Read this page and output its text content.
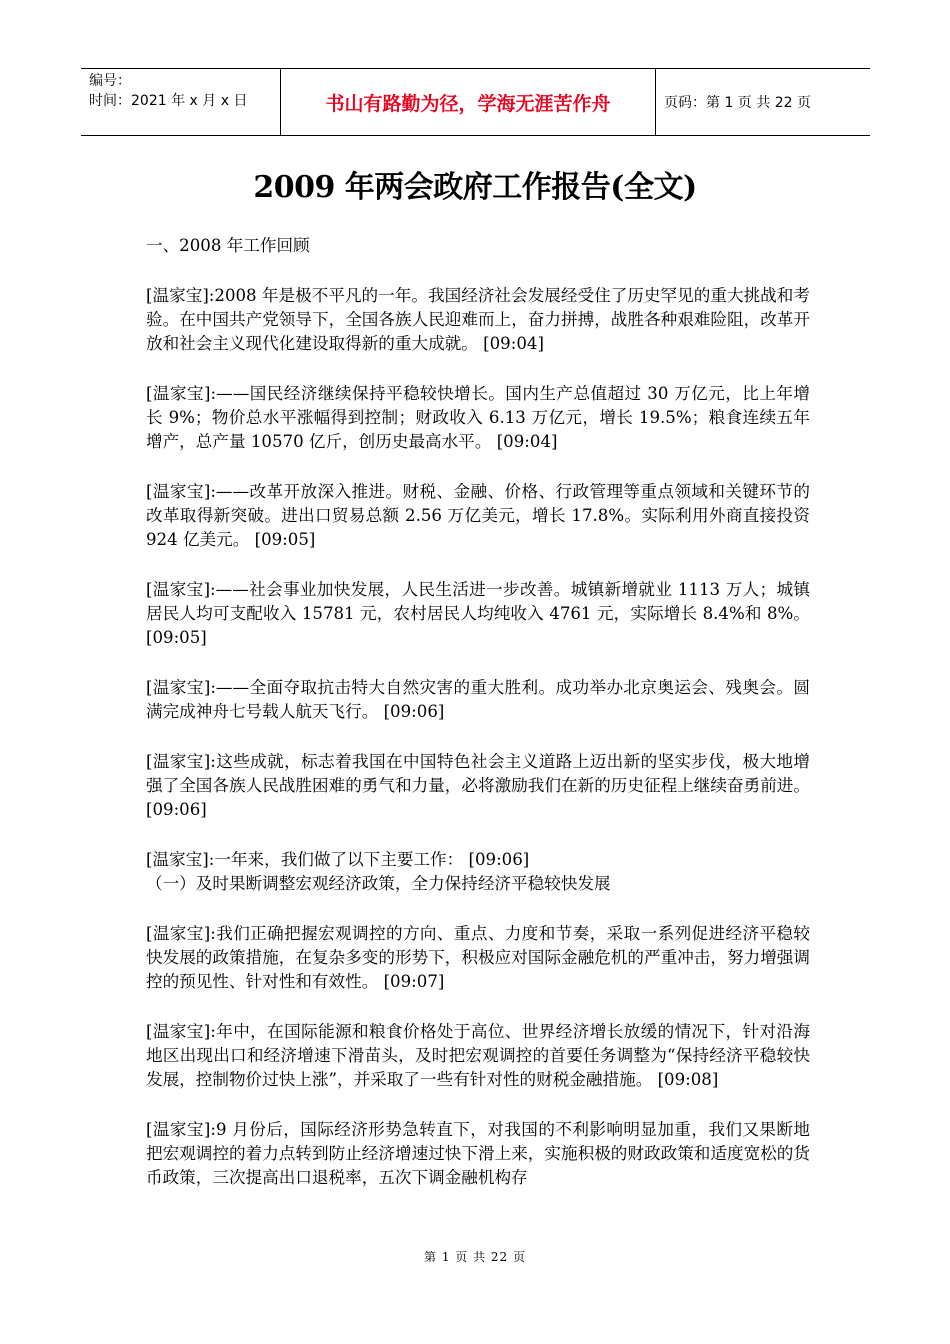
编号：
时间：2021 年 x 月 x 日	书山有路勤为径，学海无涯苦作舟	页码：第 1 页 共 22 页
2009 年两会政府工作报告(全文)
一、2008 年工作回顾

[温家宝]:2008 年是极不平凡的一年。我国经济社会发展经受住了历史罕见的重大挑战和考验。在中国共产党领导下，全国各族人民迎难而上，奋力拼搏，战胜各种艰难险阻，改革开放和社会主义现代化建设取得新的重大成就。 [09:04]

[温家宝]:——国民经济继续保持平稳较快增长。国内生产总值超过 30 万亿元，比上年增长 9%；物价总水平涨幅得到控制；财政收入 6.13 万亿元，增长 19.5%；粮食连续五年增产，总产量 10570 亿斤，创历史最高水平。 [09:04]

[温家宝]:——改革开放深入推进。财税、金融、价格、行政管理等重点领域和关键环节的改革取得新突破。进出口贸易总额 2.56 万亿美元，增长 17.8%。实际利用外商直接投资 924 亿美元。 [09:05]

[温家宝]:——社会事业加快发展，人民生活进一步改善。城镇新增就业 1113 万人；城镇居民人均可支配收入 15781 元，农村居民人均纯收入 4761 元，实际增长 8.4%和 8%。 [09:05]

[温家宝]:——全面夺取抗击特大自然灾害的重大胜利。成功举办北京奥运会、残奥会。圆满完成神舟七号载人航天飞行。 [09:06]

[温家宝]:这些成就，标志着我国在中国特色社会主义道路上迈出新的坚实步伐，极大地增强了全国各族人民战胜困难的勇气和力量，必将激励我们在新的历史征程上继续奋勇前进。 [09:06]

[温家宝]:一年来，我们做了以下主要工作： [09:06]

（一）及时果断调整宏观经济政策，全力保持经济平稳较快发展

[温家宝]:我们正确把握宏观调控的方向、重点、力度和节奏，采取一系列促进经济平稳较快发展的政策措施，在复杂多变的形势下，积极应对国际金融危机的严重冲击，努力增强调控的预见性、针对性和有效性。 [09:07]

[温家宝]:年中，在国际能源和粮食价格处于高位、世界经济增长放缓的情况下，针对沿海地区出现出口和经济增速下滑苗头，及时把宏观调控的首要任务调整为“保持经济平稳较快发展，控制物价过快上涨”，并采取了一些有针对性的财税金融措施。 [09:08]

[温家宝]:9 月份后，国际经济形势急转直下，对我国的不利影响明显加重，我们又果断地把宏观调控的着力点转到防止经济增速过快下滑上来，实施积极的财政政策和适度宽松的货币政策，三次提高出口退税率，五次下调金融机构存

第 1 页 共 22 页
